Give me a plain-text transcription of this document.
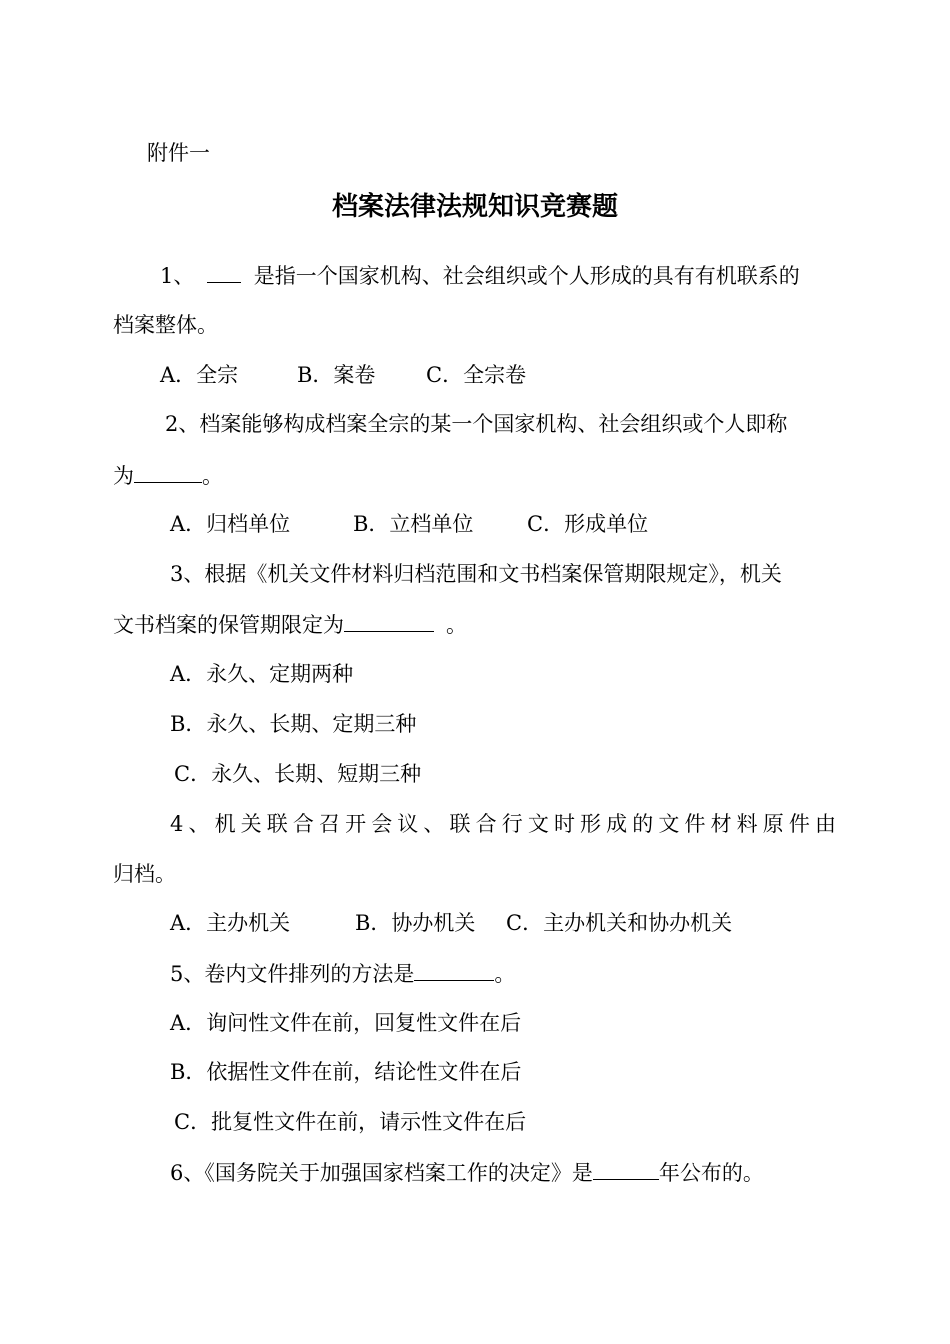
附件一
档案法律法规知识竞赛题
1、	是指一个国家机构、社会组织或个人形成的具有有机联系的
档案整体。
A．全宗	B．案卷 C．全宗卷
2、档案能够构成档案全宗的某一个国家机构、社会组织或个人即称
为	。
A．归档单位	B．立档单位	C．形成单位
3、根据《机关文件材料归档范围和文书档案保管期限规定》，机关
文书档案的保管期限定为	。
A．永久、定期两种
B．永久、长期、定期三种
C．永久、长期、短期三种
4、机关联合召开会议、联合行文时形成的文件材料原件由
归档。
A．主办机关	B．协办机关 C．主办机关和协办机关
5、卷内文件排列的方法是	。
A．询问性文件在前，回复性文件在后
B．依据性文件在前，结论性文件在后
C．批复性文件在前，请示性文件在后
6、《国务院关于加强国家档案工作的决定》是	年公布的。
